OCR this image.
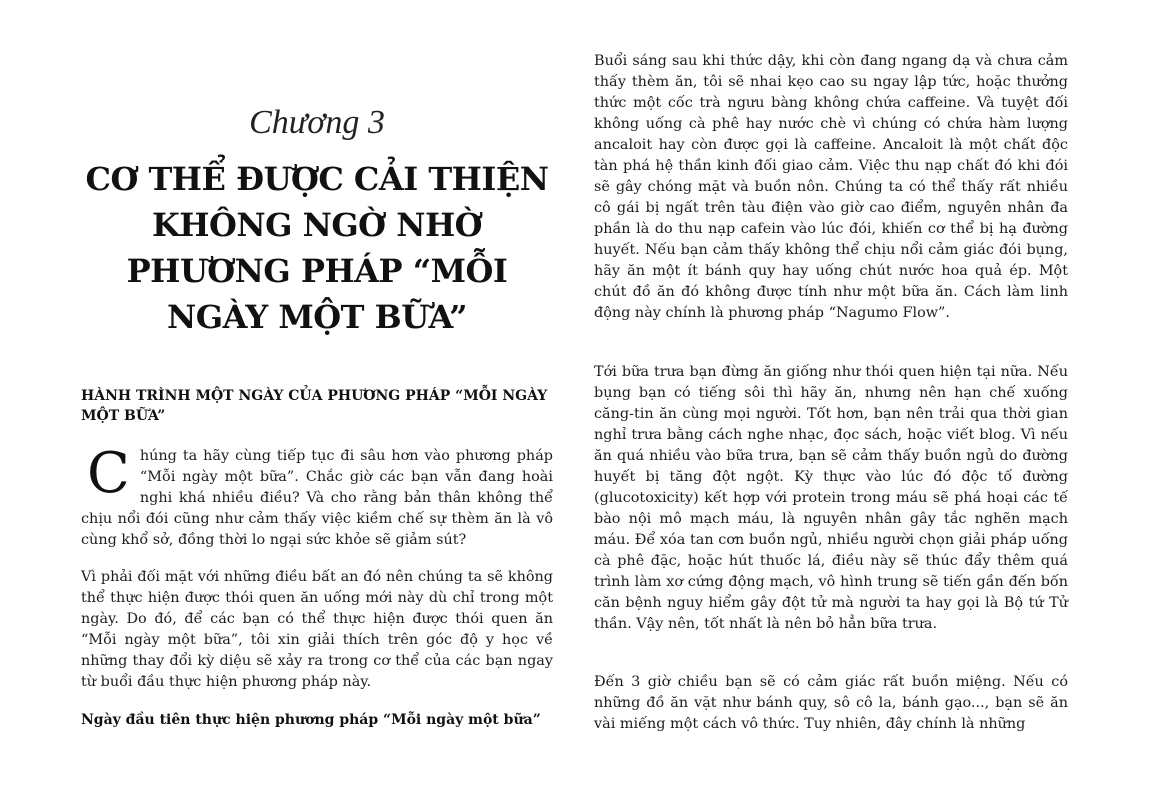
Chương 3
CƠ THỂ ĐƯỢC CẢI THIỆN KHÔNG NGỜ NHỜ PHƯƠNG PHÁP “MỖI NGÀY MỘT BỮA”
HÀNH TRÌNH MỘT NGÀY CỦA PHƯƠNG PHÁP “MỖI NGÀY MỘT BỮA”

Chúng ta hãy cùng tiếp tục đi sâu hơn vào phương pháp “Mỗi ngày một bữa”. Chắc giờ các bạn vẫn đang hoài nghi khá nhiều điều? Và cho rằng bản thân không thể chịu nổi đói cũng như cảm thấy việc kiềm chế sự thèm ăn là vô cùng khổ sở, đồng thời lo ngại sức khỏe sẽ giảm sút?

Vì phải đối mặt với những điều bất an đó nên chúng ta sẽ không thể thực hiện được thói quen ăn uống mới này dù chỉ trong một ngày. Do đó, để các bạn có thể thực hiện được thói quen ăn “Mỗi ngày một bữa”, tôi xin giải thích trên góc độ y học về những thay đổi kỳ diệu sẽ xảy ra trong cơ thể của các bạn ngay từ buổi đầu thực hiện phương pháp này.

Ngày đầu tiên thực hiện phương pháp “Mỗi ngày một bữa”

Buổi sáng sau khi thức dậy, khi còn đang ngang dạ và chưa cảm thấy thèm ăn, tôi sẽ nhai kẹo cao su ngay lập tức, hoặc thưởng thức một cốc trà ngưu bàng không chứa caffeine. Và tuyệt đối không uống cà phê hay nước chè vì chúng có chứa hàm lượng ancaloit hay còn được gọi là caffeine. Ancaloit là một chất độc tàn phá hệ thần kinh đối giao cảm. Việc thu nạp chất đó khi đói sẽ gây chóng mặt và buồn nôn. Chúng ta có thể thấy rất nhiều cô gái bị ngất trên tàu điện vào giờ cao điểm, nguyên nhân đa phần là do thu nạp cafein vào lúc đói, khiến cơ thể bị hạ đường huyết. Nếu bạn cảm thấy không thể chịu nổi cảm giác đói bụng, hãy ăn một ít bánh quy hay uống chút nước hoa quả ép. Một chút đồ ăn đó không được tính như một bữa ăn. Cách làm linh động này chính là phương pháp “Nagumo Flow”.

Tới bữa trưa bạn đừng ăn giống như thói quen hiện tại nữa. Nếu bụng bạn có tiếng sôi thì hãy ăn, nhưng nên hạn chế xuống căng-tin ăn cùng mọi người. Tốt hơn, bạn nên trải qua thời gian nghỉ trưa bằng cách nghe nhạc, đọc sách, hoặc viết blog. Vì nếu ăn quá nhiều vào bữa trưa, bạn sẽ cảm thấy buồn ngủ do đường huyết bị tăng đột ngột. Kỳ thực vào lúc đó độc tố đường (glucotoxicity) kết hợp với protein trong máu sẽ phá hoại các tế bào nội mô mạch máu, là nguyên nhân gây tắc nghẽn mạch máu. Để xóa tan cơn buồn ngủ, nhiều người chọn giải pháp uống cà phê đặc, hoặc hút thuốc lá, điều này sẽ thúc đẩy thêm quá trình làm xơ cứng động mạch, vô hình trung sẽ tiến gần đến bốn căn bệnh nguy hiểm gây đột tử mà người ta hay gọi là Bộ tứ Tử thần. Vậy nên, tốt nhất là nên bỏ hẳn bữa trưa.

Đến 3 giờ chiều bạn sẽ có cảm giác rất buồn miệng. Nếu có những đồ ăn vặt như bánh quy, sô cô la, bánh gạo..., bạn sẽ ăn vài miếng một cách vô thức. Tuy nhiên, đây chính là những
